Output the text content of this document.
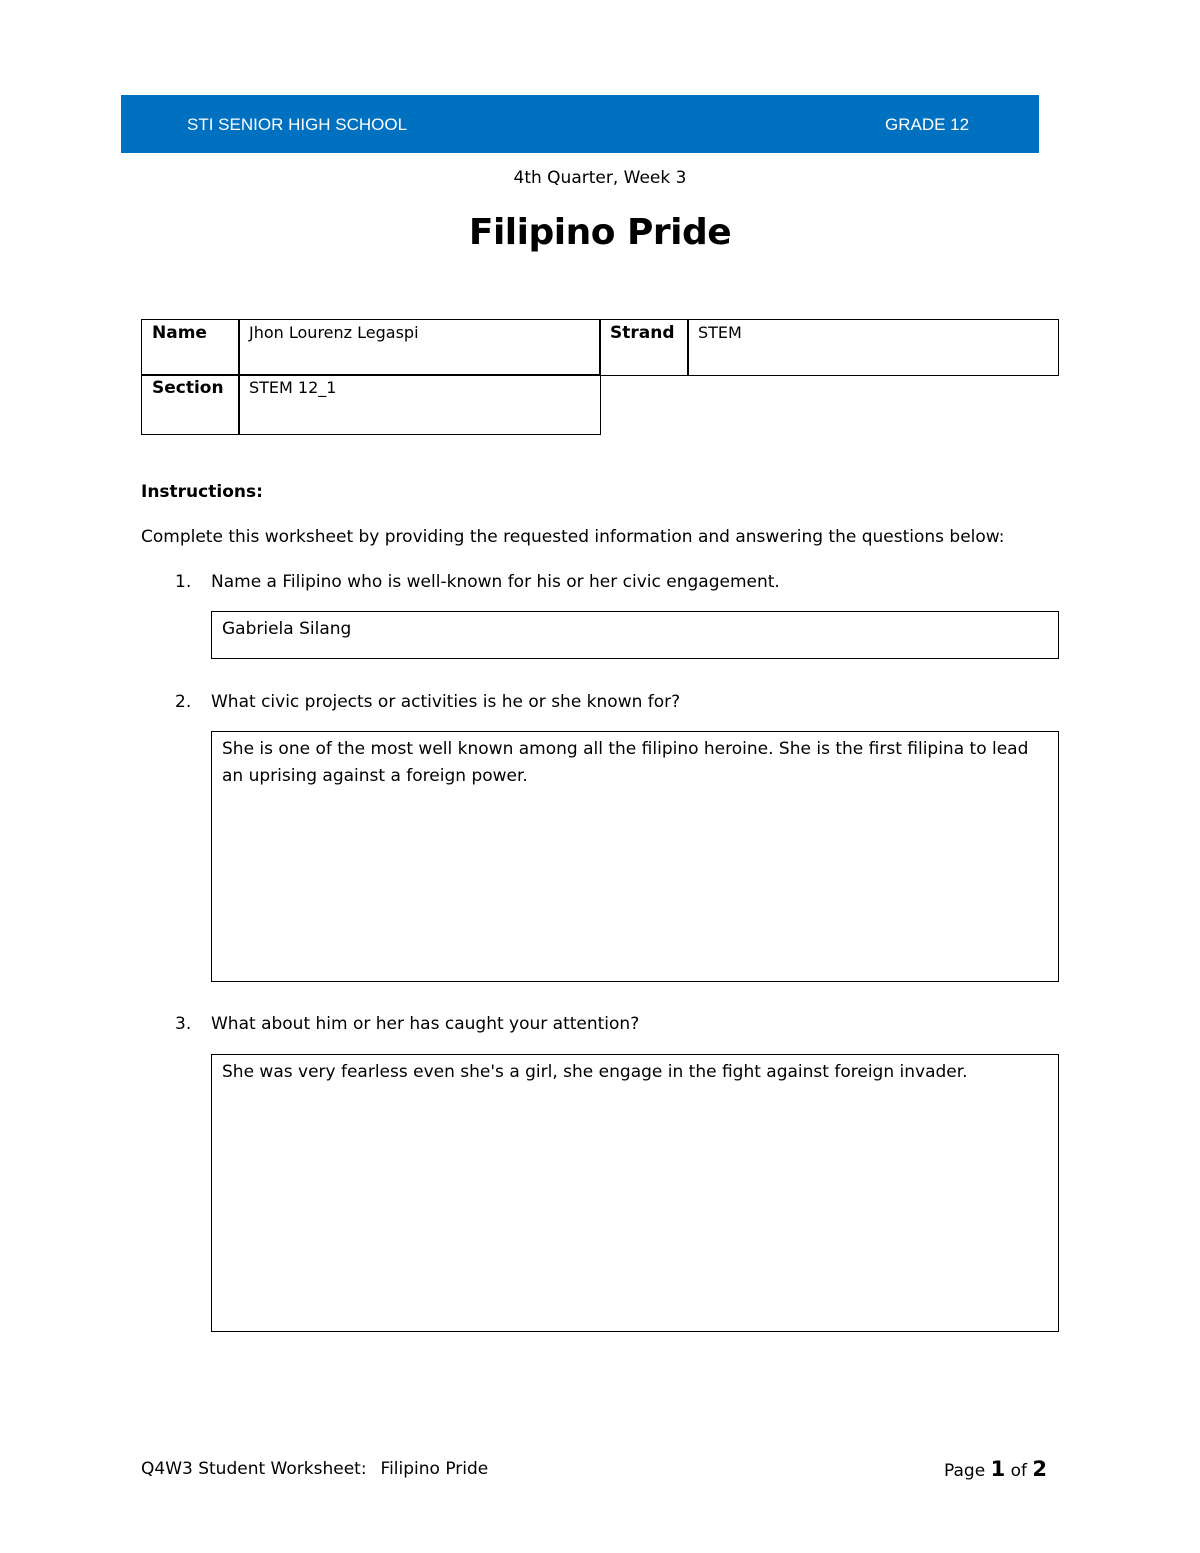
STI SENIOR HIGH SCHOOL	GRADE 12
4th Quarter, Week 3
Filipino Pride
Name	Jhon Lourenz Legaspi	Strand	STEM
Section	STEM 12_1
Instructions:
Complete this worksheet by providing the requested information and answering the questions below:
1. Name a Filipino who is well-known for his or her civic engagement.
Gabriela Silang
2. What civic projects or activities is he or she known for?
She is one of the most well known among all the filipino heroine. She is the first filipina to lead an uprising against a foreign power.
3. What about him or her has caught your attention?
She was very fearless even she's a girl, she engage in the fight against foreign invader.
Q4W3 Student Worksheet: Filipino Pride	Page 1 of 2
